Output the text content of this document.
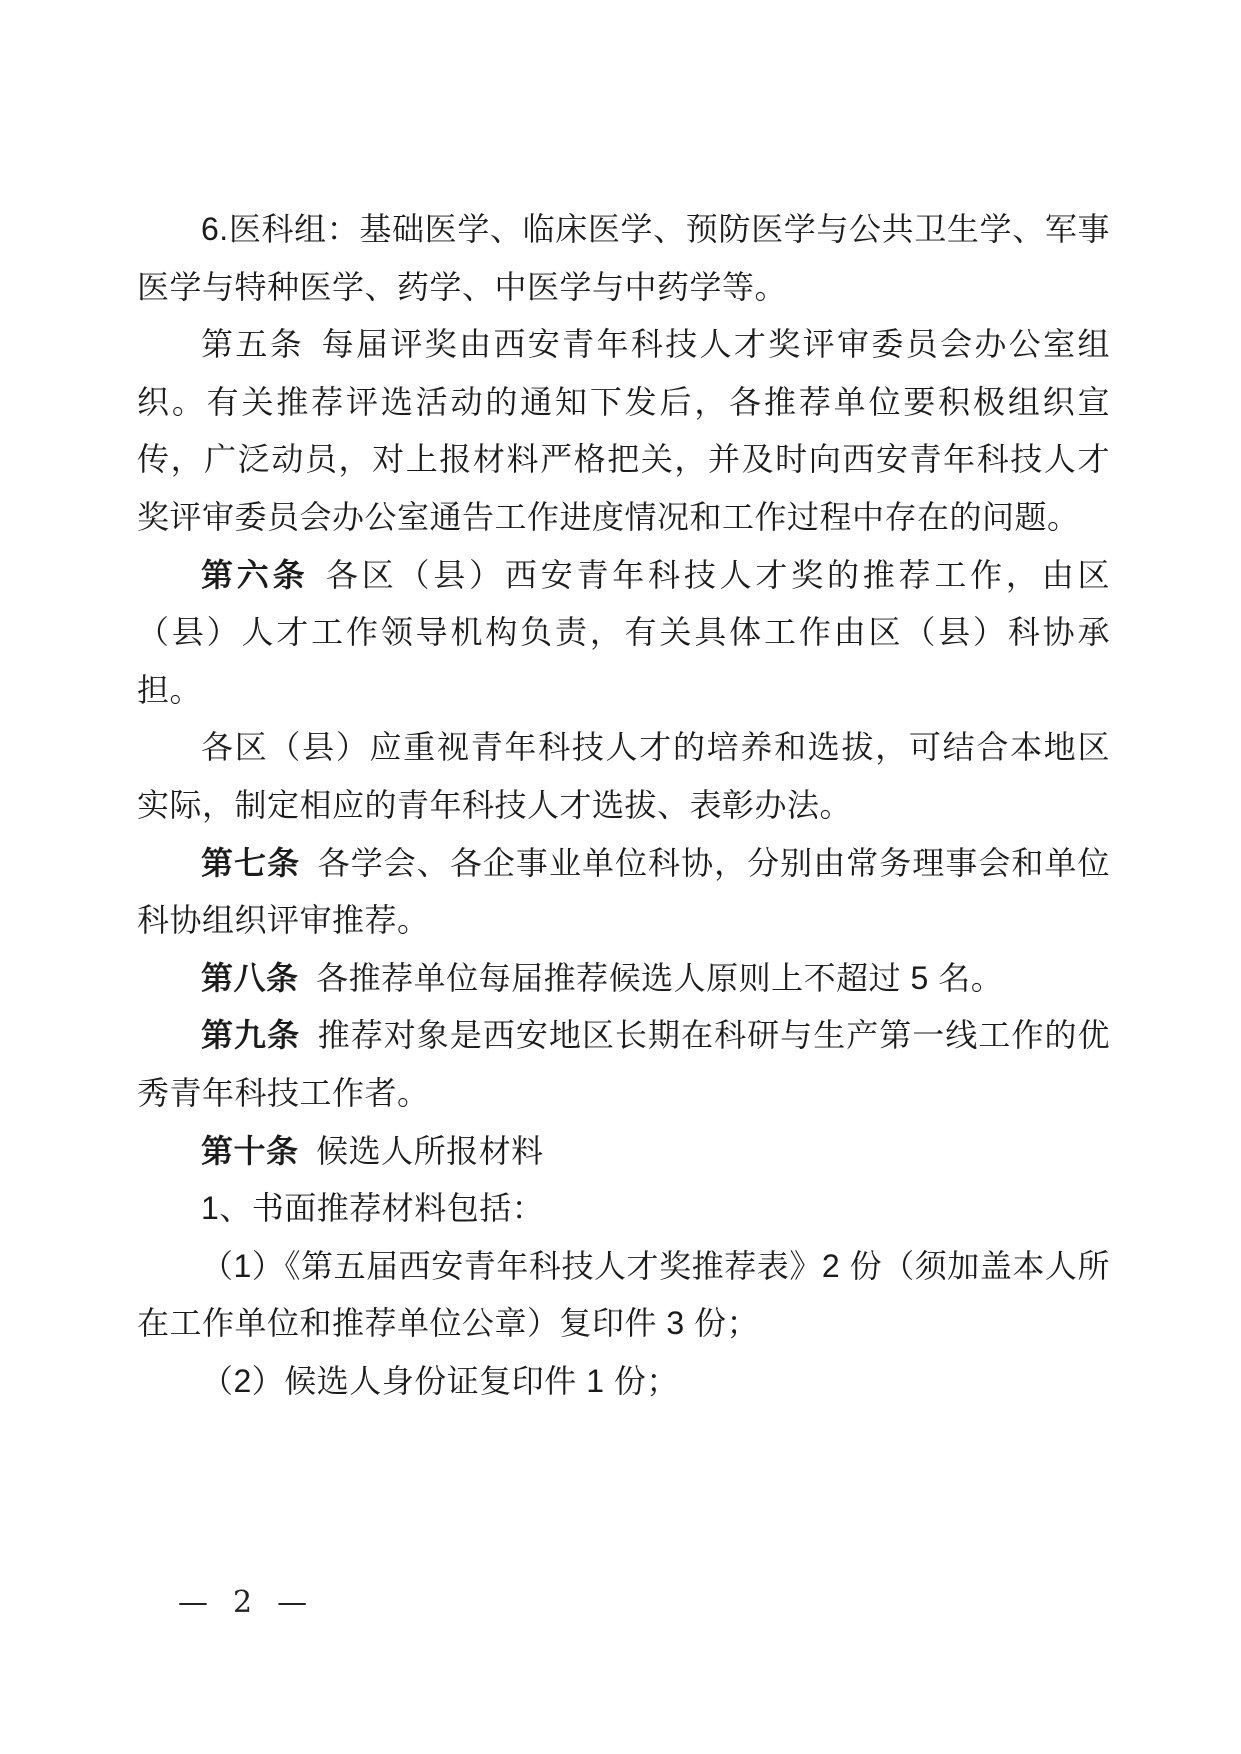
6.医科组：基础医学、临床医学、预防医学与公共卫生学、军事医学与特种医学、药学、中医学与中药学等。

第五条 每届评奖由西安青年科技人才奖评审委员会办公室组织。有关推荐评选活动的通知下发后，各推荐单位要积极组织宣传，广泛动员，对上报材料严格把关，并及时向西安青年科技人才奖评审委员会办公室通告工作进度情况和工作过程中存在的问题。

第六条 各区（县）西安青年科技人才奖的推荐工作，由区（县）人才工作领导机构负责，有关具体工作由区（县）科协承担。

各区（县）应重视青年科技人才的培养和选拔，可结合本地区实际，制定相应的青年科技人才选拔、表彰办法。

第七条 各学会、各企事业单位科协，分别由常务理事会和单位科协组织评审推荐。

第八条 各推荐单位每届推荐候选人原则上不超过 5 名。

第九条 推荐对象是西安地区长期在科研与生产第一线工作的优秀青年科技工作者。

第十条 候选人所报材料

1、书面推荐材料包括：

（1）《第五届西安青年科技人才奖推荐表》2 份（须加盖本人所在工作单位和推荐单位公章）复印件 3 份；

（2）候选人身份证复印件 1 份；

— 2 —
